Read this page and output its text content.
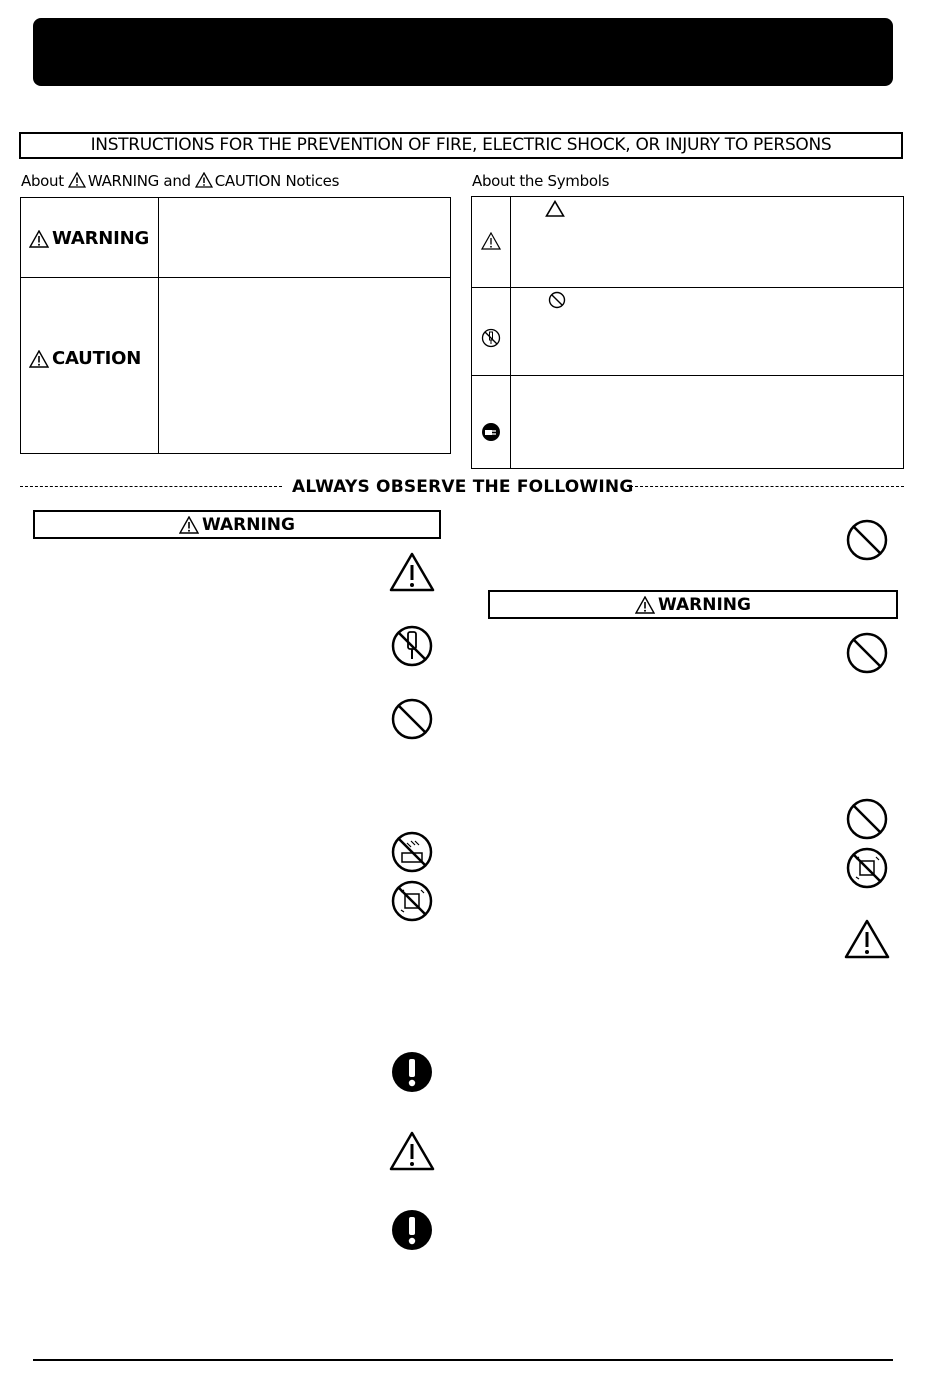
INSTRUCTIONS FOR THE PREVENTION OF FIRE, ELECTRIC SHOCK, OR INJURY TO PERSONS
About WARNING and CAUTION Notices	About the Symbols
WARNING
CAUTION
ALWAYS OBSERVE THE FOLLOWING
WARNING
WARNING
